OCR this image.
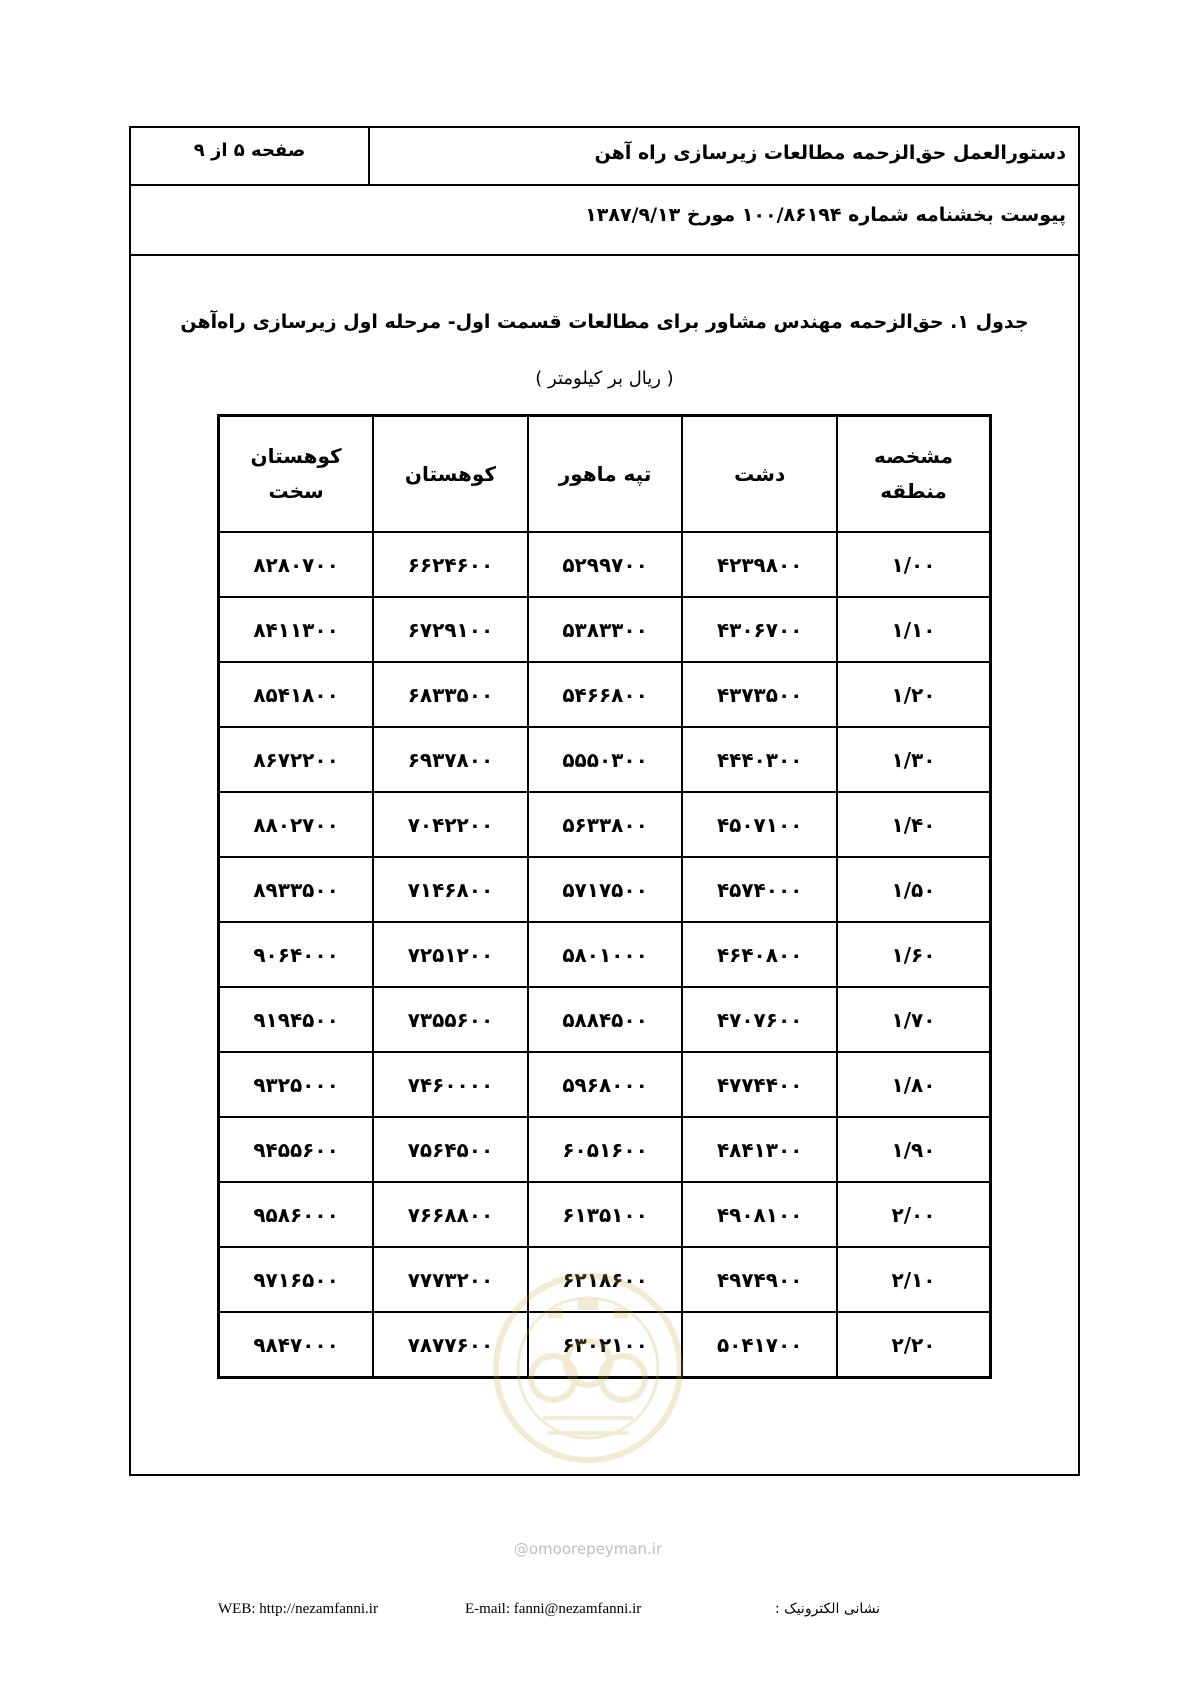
صفحه ۵ از ۹	دستورالعمل حق‌الزحمه مطالعات زیرسازی راه آهن
پیوست بخشنامه شماره ۱۰۰/۸۶۱۹۴ مورخ ۱۳۸۷/۹/۱۳
جدول ۱. حق‌الزحمه مهندس مشاور برای مطالعات قسمت اول- مرحله اول زیرسازی راه‌آهن
( ریال بر کیلومتر )
مشخصه منطقه	دشت	تپه ماهور	کوهستان	کوهستان سخت
۱/۰۰	۴۲۳۹۸۰۰	۵۲۹۹۷۰۰	۶۶۲۴۶۰۰	۸۲۸۰۷۰۰
۱/۱۰	۴۳۰۶۷۰۰	۵۳۸۳۳۰۰	۶۷۲۹۱۰۰	۸۴۱۱۳۰۰
۱/۲۰	۴۳۷۳۵۰۰	۵۴۶۶۸۰۰	۶۸۳۳۵۰۰	۸۵۴۱۸۰۰
۱/۳۰	۴۴۴۰۳۰۰	۵۵۵۰۳۰۰	۶۹۳۷۸۰۰	۸۶۷۲۲۰۰
۱/۴۰	۴۵۰۷۱۰۰	۵۶۳۳۸۰۰	۷۰۴۲۲۰۰	۸۸۰۲۷۰۰
۱/۵۰	۴۵۷۴۰۰۰	۵۷۱۷۵۰۰	۷۱۴۶۸۰۰	۸۹۳۳۵۰۰
۱/۶۰	۴۶۴۰۸۰۰	۵۸۰۱۰۰۰	۷۲۵۱۲۰۰	۹۰۶۴۰۰۰
۱/۷۰	۴۷۰۷۶۰۰	۵۸۸۴۵۰۰	۷۳۵۵۶۰۰	۹۱۹۴۵۰۰
۱/۸۰	۴۷۷۴۴۰۰	۵۹۶۸۰۰۰	۷۴۶۰۰۰۰	۹۳۲۵۰۰۰
۱/۹۰	۴۸۴۱۳۰۰	۶۰۵۱۶۰۰	۷۵۶۴۵۰۰	۹۴۵۵۶۰۰
۲/۰۰	۴۹۰۸۱۰۰	۶۱۳۵۱۰۰	۷۶۶۸۸۰۰	۹۵۸۶۰۰۰
۲/۱۰	۴۹۷۴۹۰۰	۶۲۱۸۶۰۰	۷۷۷۳۲۰۰	۹۷۱۶۵۰۰
۲/۲۰	۵۰۴۱۷۰۰	۶۳۰۲۱۰۰	۷۸۷۷۶۰۰	۹۸۴۷۰۰۰
@omoorepeyman.ir
WEB: http://nezamfanni.ir	E-mail: fanni@nezamfanni.ir	نشانی الکترونیک :
